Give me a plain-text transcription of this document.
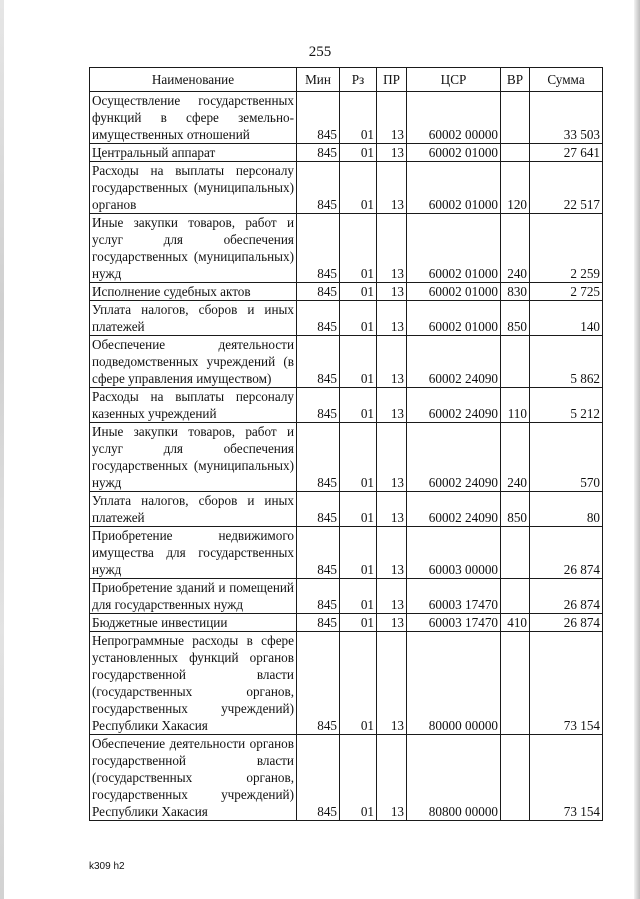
255
Наименование	Мин	Рз	ПР	ЦСР	ВР	Сумма
Осуществление государственных функций в сфере земельно-имущественных отношений	845	01	13	60002 00000		33 503
Центральный аппарат	845	01	13	60002 01000		27 641
Расходы на выплаты персоналу государственных (муниципальных) органов	845	01	13	60002 01000	120	22 517
Иные закупки товаров, работ и услуг для обеспечения государственных (муниципальных) нужд	845	01	13	60002 01000	240	2 259
Исполнение судебных актов	845	01	13	60002 01000	830	2 725
Уплата налогов, сборов и иных платежей	845	01	13	60002 01000	850	140
Обеспечение деятельности подведомственных учреждений (в сфере управления имуществом)	845	01	13	60002 24090		5 862
Расходы на выплаты персоналу казенных учреждений	845	01	13	60002 24090	110	5 212
Иные закупки товаров, работ и услуг для обеспечения государственных (муниципальных) нужд	845	01	13	60002 24090	240	570
Уплата налогов, сборов и иных платежей	845	01	13	60002 24090	850	80
Приобретение недвижимого имущества для государственных нужд	845	01	13	60003 00000		26 874
Приобретение зданий и помещений для государственных нужд	845	01	13	60003 17470		26 874
Бюджетные инвестиции	845	01	13	60003 17470	410	26 874
Непрограммные расходы в сфере установленных функций органов государственной власти (государственных органов, государственных учреждений) Республики Хакасия	845	01	13	80000 00000		73 154
Обеспечение деятельности органов государственной власти (государственных органов, государственных учреждений) Республики Хакасия	845	01	13	80800 00000		73 154
k309 h2
